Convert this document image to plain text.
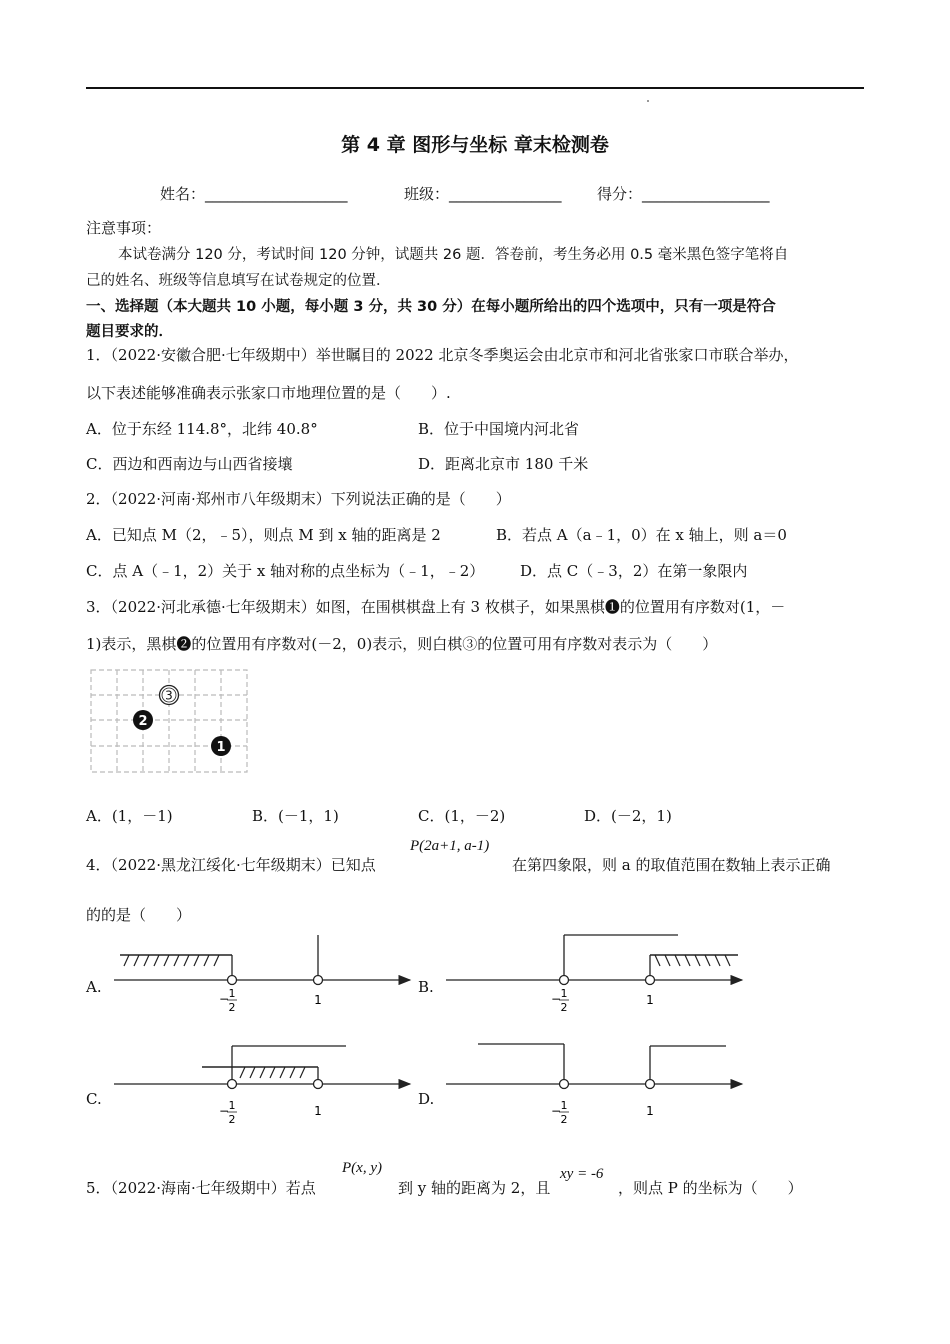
第 4 章 图形与坐标 章末检测卷
姓名：___________________	班级：_______________ 得分：_________________
注意事项：
本试卷满分 120 分，考试时间 120 分钟，试题共 26 题．答卷前，考生务必用 0.5 毫米黑色签字笔将自
己的姓名、班级等信息填写在试卷规定的位置．
一、选择题（本大题共 10 小题，每小题 3 分，共 30 分）在每小题所给出的四个选项中，只有一项是符合
题目要求的．
1．（2022·安徽合肥·七年级期中）举世瞩目的 2022 北京冬季奥运会由北京市和河北省张家口市联合举办，
以下表述能够准确表示张家口市地理位置的是（　　）.
A．位于东经 114.8°，北纬 40.8°	B．位于中国境内河北省
C．西边和西南边与山西省接壤	D．距离北京市 180 千米
2．（2022·河南·郑州市八年级期末）下列说法正确的是（　　）
A．已知点 M（2，﹣5），则点 M 到 x 轴的距离是 2	B．若点 A（a﹣1，0）在 x 轴上，则 a＝0
C．点 A（﹣1，2）关于 x 轴对称的点坐标为（﹣1，﹣2） D．点 C（﹣3，2）在第一象限内
3．（2022·河北承德·七年级期末）如图，在围棋棋盘上有 3 枚棋子，如果黑棋❶的位置用有序数对(1，－
1)表示，黑棋❷的位置用有序数对(－2，0)表示，则白棋③的位置可用有序数对表示为（　　）
3
2
1
A．(1，－1)	B．(－1，1)	C．(1，－2)	D．(－2，1)
4．（2022·黑龙江绥化·七年级期末）已知点
P(2a+1, a-1)
在第四象限，则 a 的取值范围在数轴上表示正确
的的是（　　）
A.	B.
C.	D.
− 1
2
1	− 1
2
1
− 1
2
1	− 1
2
1
5．（2022·海南·七年级期中）若点
P(x, y)
到 y 轴的距离为 2，且
xy = -6
，则点 P 的坐标为（　　）
